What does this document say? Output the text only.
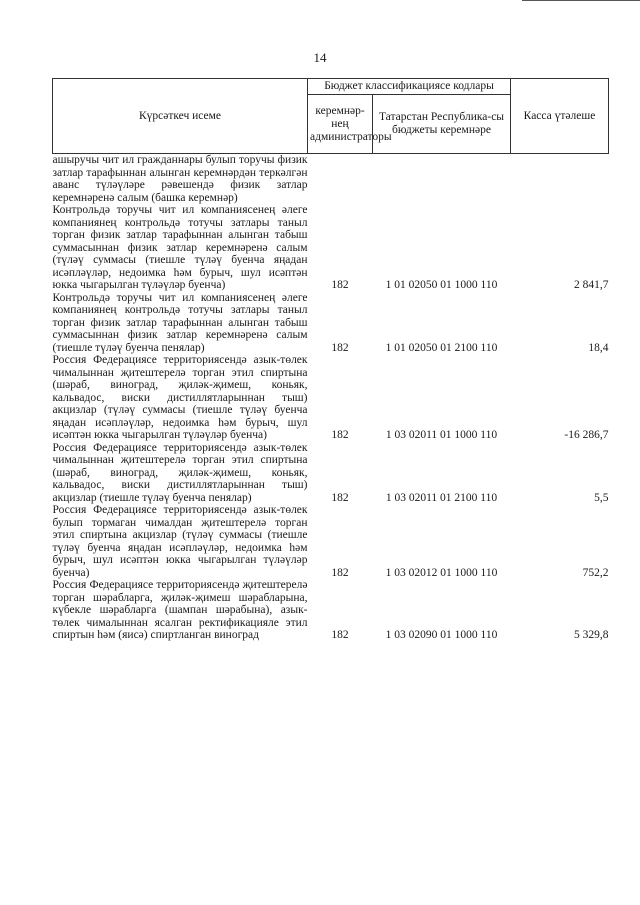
14
Күрсәткеч исеме	Бюджет классификациясе кодлары		Касса үтәлеше
	керемнәр-нең администраторы	Татарстан Республика-сы бюджеты керемнәре	
ашыручы чит ил гражданнары булып торучы физик затлар тарафыннан алынган керемнәрдән теркәлгән аванс түләүләре рәвешендә физик затлар керемнәренә салым (башка керемнәр)			
Контрольдә торучы чит ил компаниясенең әлеге компаниянең контрольдә тотучы затлары таныл торган физик затлар тарафыннан алынган табыш суммасыннан физик затлар керемнәренә салым (түләү суммасы (тиешле түләү буенча яңадан исәпләүләр, недоимка һәм бурыч, шул исәптән юкка чыгарылган түләүләр буенча)	182	1 01 02050 01 1000 110	2 841,7
Контрольдә торучы чит ил компаниясенең әлеге компаниянең контрольдә тотучы затлары таныл торган физик затлар тарафыннан алынган табыш суммасыннан физик затлар керемнәренә салым (тиешле түләү буенча пенялар)	182	1 01 02050 01 2100 110	18,4
Россия Федерациясе территориясендә азык-төлек чималыннан җитештерелә торган этил спиртына (шәраб, виноград, җиләк-җимеш, коньяк, кальвадос, виски дистиллятларыннан тыш) акцизлар (түләү суммасы (тиешле түләү буенча яңадан исәпләүләр, недоимка һәм бурыч, шул исәптән юкка чыгарылган түләүләр буенча)	182	1 03 02011 01 1000 110	-16 286,7
Россия Федерациясе территориясендә азык-төлек чималыннан җитештерелә торган этил спиртына (шәраб, виноград, җиләк-җимеш, коньяк, кальвадос, виски дистиллятларыннан тыш) акцизлар (тиешле түләү буенча пенялар)	182	1 03 02011 01 2100 110	5,5
Россия Федерациясе территориясендә азык-төлек булып тормаган чималдан җитештерелә торган этил спиртына акцизлар (түләү суммасы (тиешле түләү буенча яңадан исәпләүләр, недоимка һәм бурыч, шул исәптән юкка чыгарылган түләүләр буенча)	182	1 03 02012 01 1000 110	752,2
Россия Федерациясе территориясендә җитештерелә торган шәрабларга, җиләк-җимеш шәрабларына, күбекле шәрабларга (шампан шәрабына), азык-төлек чималыннан ясалган ректификацияле этил спиртын һәм (яисә) спиртланган виноград	182	1 03 02090 01 1000 110	5 329,8
